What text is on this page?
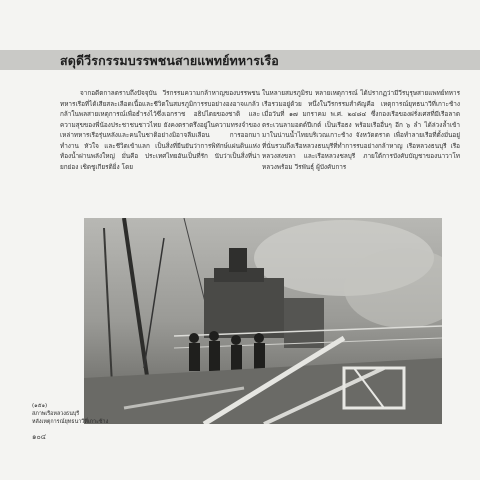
สดุดีวีรกรรมบรรพชนสายแพทย์ทหารเรือ

จากอดีตกาลตราบถึงปัจจุบัน วีรกรรมความกล้าหาญของบรรพชนทหารเรือที่ได้เสียสละเลือดเนื้อและชีวิตในสมรภูมิการรบอย่างองอาจแกล้วกล้าในพลสายเหตุการณ์เพื่อธำรงไว้ซึ่งเอกราช อธิปไตยของชาติ และความสุขของพี่น้องประชาชนชาวไทย ยังคงตราตรึงอยู่ในความทรงจำของเหล่าทหารเรือรุ่นหลังและคนในชาติอย่างมิอาจลืมเลือน การออกมาทำงาน หัวใจ และชีวิตเข้าแลก เป็นสิ่งที่ยืนยันว่าการพิทักษ์แผ่นดินแห่งท้องน้ำผ่านพลังใหญ่ มั่นคือ ประเทศไทยอันเป็นที่รัก นับว่าเป็นสิ่งที่น่ายกย่อง เชิดชูเกียรติยิ่ง โดย

ในหลายสมรภูมิรบ หลายเหตุการณ์ ได้ปรากฏว่ามีวีรบุรุษสายแพทย์ทหารเรือรวมอยู่ด้วย หนึ่งในวีรกรรมสำคัญคือ เหตุการณ์ยุทธนาวีที่เกาะช้าง เมื่อวันที่ ๑๗ มกราคม พ.ศ. ๒๔๘๔ ซึ่งกองเรือของฝรั่งเศสที่มีเรือลาดตระเวนลามอตต์ปีเกต์ เป็นเรือธง พร้อมเรืออื่นๆ อีก ๖ ลำ ได้ล่วงล้ำเข้ามาในน่านน้ำไทยบริเวณเกาะช้าง จังหวัดตราด เพื่อทำลายเรือที่ตั้งมั่นอยู่ที่นั่นรวมถึงเรือหลวงธนบุรีที่ทำการรบอย่างกล้าหาญ เรือหลวงธนบุรี เรือหลวงสงขลา และเรือหลวงชลบุรี ภายใต้การบังคับบัญชาของนาวาโท หลวงพร้อม วีรพันธุ์ ผู้บังคับการ

(๑๕๑)
สภาพเรือหลวงธนบุรี
หลังเหตุการณ์ยุทธนาวีที่เกาะช้าง
๑๐๔
